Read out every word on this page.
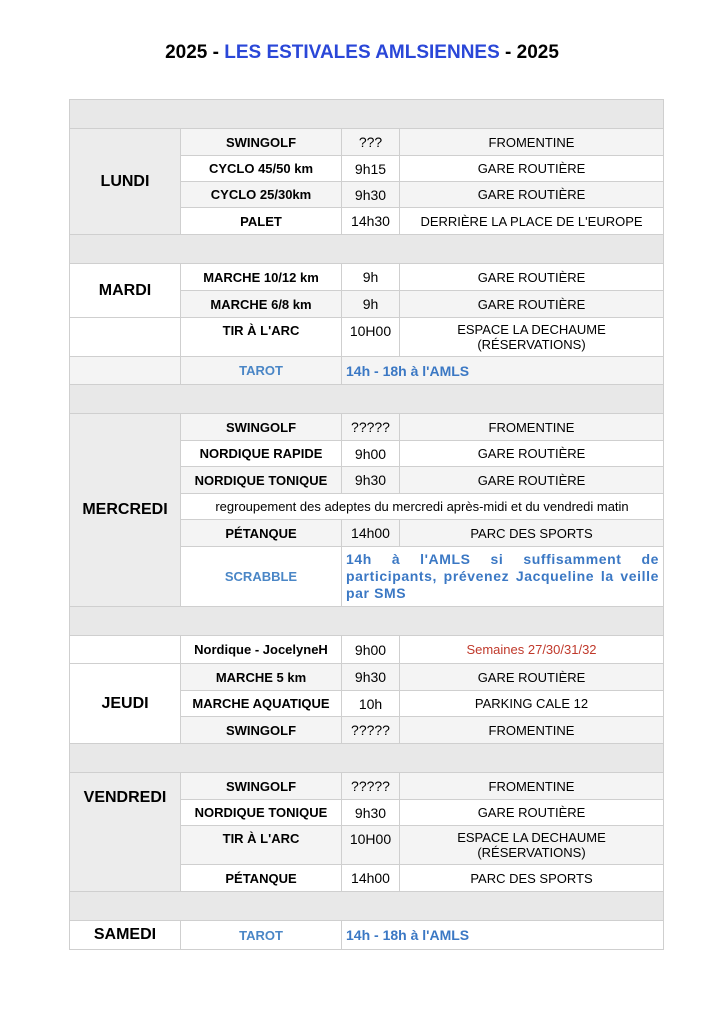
2025 - LES ESTIVALES AMLSIENNES - 2025

LUNDI	SWINGOLF	???	FROMENTINE
	CYCLO 45/50 km	9h15	GARE ROUTIÈRE
	CYCLO 25/30km	9h30	GARE ROUTIÈRE
	PALET	14h30	DERRIÈRE LA PLACE DE L'EUROPE

MARDI	MARCHE 10/12 km	9h	GARE ROUTIÈRE
	MARCHE 6/8 km	9h	GARE ROUTIÈRE
	TIR À L'ARC	10H00	ESPACE LA DECHAUME (RÉSERVATIONS)
	TAROT	14h - 18h à l'AMLS	

MERCREDI	SWINGOLF	?????	FROMENTINE
	NORDIQUE RAPIDE	9h00	GARE ROUTIÈRE
	NORDIQUE TONIQUE	9h30	GARE ROUTIÈRE
	regroupement des adeptes du mercredi après-midi et du vendredi matin		
	PÉTANQUE	14h00	PARC DES SPORTS
	SCRABBLE	14h à l'AMLS si suffisamment de participants, prévenez Jacqueline la veille par SMS	

	Nordique - JocelyneH	9h00	Semaines 27/30/31/32
JEUDI	MARCHE 5 km	9h30	GARE ROUTIÈRE
	MARCHE AQUATIQUE	10h	PARKING CALE 12
	SWINGOLF	?????	FROMENTINE

VENDREDI	SWINGOLF	?????	FROMENTINE
	NORDIQUE TONIQUE	9h30	GARE ROUTIÈRE
	TIR À L'ARC	10H00	ESPACE LA DECHAUME (RÉSERVATIONS)
	PÉTANQUE	14h00	PARC DES SPORTS

SAMEDI	TAROT	14h - 18h à l'AMLS	
